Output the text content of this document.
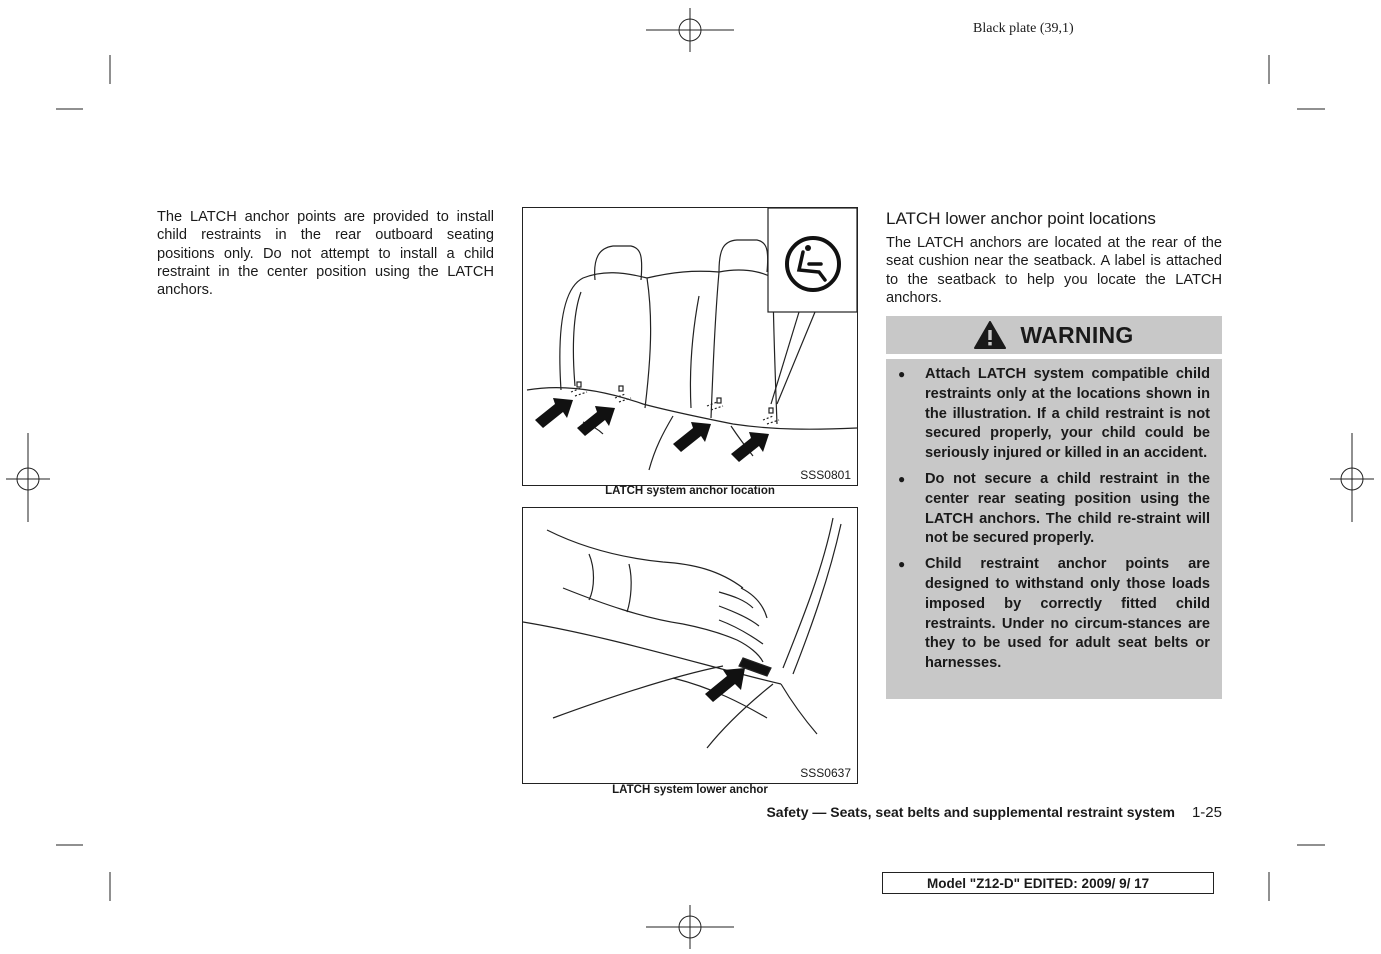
Black plate (39,1)
The LATCH anchor points are provided to install child restraints in the rear outboard seating positions only. Do not attempt to install a child restraint in the center position using the LATCH anchors.
SSS0801
LATCH system anchor location
SSS0637
LATCH system lower anchor
LATCH lower anchor point locations
The LATCH anchors are located at the rear of the seat cushion near the seatback. A label is attached to the seatback to help you locate the LATCH anchors.
WARNING
● Attach LATCH system compatible child restraints only at the locations shown in the illustration. If a child restraint is not secured properly, your child could be seriously injured or killed in an accident.
● Do not secure a child restraint in the center rear seating position using the LATCH anchors. The child re-straint will not be secured properly.
● Child restraint anchor points are designed to withstand only those loads imposed by correctly fitted child restraints. Under no circum-stances are they to be used for adult seat belts or harnesses.
Safety — Seats, seat belts and supplemental restraint system 1-25
Model "Z12-D" EDITED: 2009/ 9/ 17
